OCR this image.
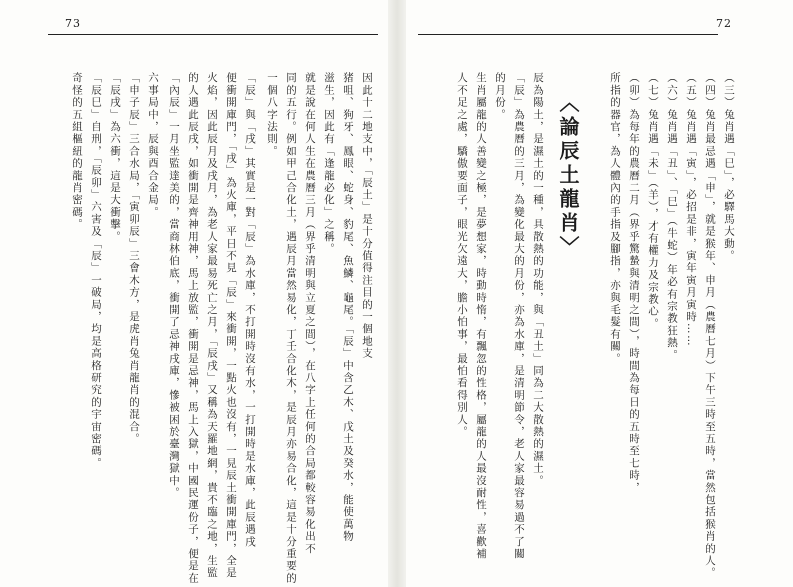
73
因此十二地支中，「辰土」是十分值得注目的一個地支
猪咀、狗牙、鳳眼、蛇身、豹尾、魚鱗、龜尾。「辰」中含乙木、戊土及癸水，能使萬物
滋生，因此有「逢龍必化」之稱。
就是說在何人生在農曆三月（界乎清明與立夏之間），在八字上任何的合局都較容易化出不
同的五行。例如甲己合化土，遇辰月當然易化，丁壬合化木，是辰月亦易合化，這是十分重要的
一個八字法則。
「辰」與「戌」其實是一對「辰」為水庫，不打開時沒有水，一打開時是水庫，此辰遇戌
便衝開庫門，「戌」為火庫，平日不見「辰」來衝開，一點火也沒有，一見辰土衝開庫門，全是
火焰，因此辰月及戌月，為老人家最易死亡之月，「辰戌」又稱為天羅地網，貴不臨之地，生監
的人遇此辰戌，如衝開是齊神用神，馬上放監，衝開是忌神，馬上入獄，中國民運份子，便是在
「內辰」一月坐監達美的，當商林伯底，衝開了忌神戌庫，慘被困於臺灣獄中。
六事局中，辰與酉合金局。
「申子辰」三合水局，「寅卯辰」三會木方，是虎肖兔肖龍肖的混合。
「辰戌」為六衝，這是大衝擊。
「辰巳」自刑，「辰卯」六害及「辰」一破局，均是高格研究的宇宙密碼。
奇怪的五組樞紐的龍肖密碼。
72
（三）兔肖遇「巳」，必驛馬大動。
（四）兔肖最忌遇「申」，就是猴年、申月（農曆七月）下午三時至五時，當然包括猴肖的人。
（五）兔肖遇「寅」，必招是非，寅年寅月寅時……
（六）兔肖遇「丑」、「巳」（牛蛇）年必有宗教狂熱。
（七）兔肖遇「未」（羊），才有權力及宗教心。
（卯）為每年的農曆二月（界乎驚蟄與清明之間），時間為每日的五時至七時，
所指的器官，為人體內的手指及腳指，亦與毛髮有關。
〈論辰土龍肖〉
辰為陽土，是濕土的一種，具散熱的功能，與「丑土」同為二大散熱的濕土。
「辰」為農曆的三月，為變化最大的月份，亦為水庫，是清明節令，老人家最容易過不了關
的月份。
生肖屬龍的人善變之極，是夢想家，時動時惰，有飄忽的性格，屬龍的人最沒耐性，喜歡補
人不足之處，驕傲要面子，眼光欠遠大，膽小怕事，最怕看得別人。
